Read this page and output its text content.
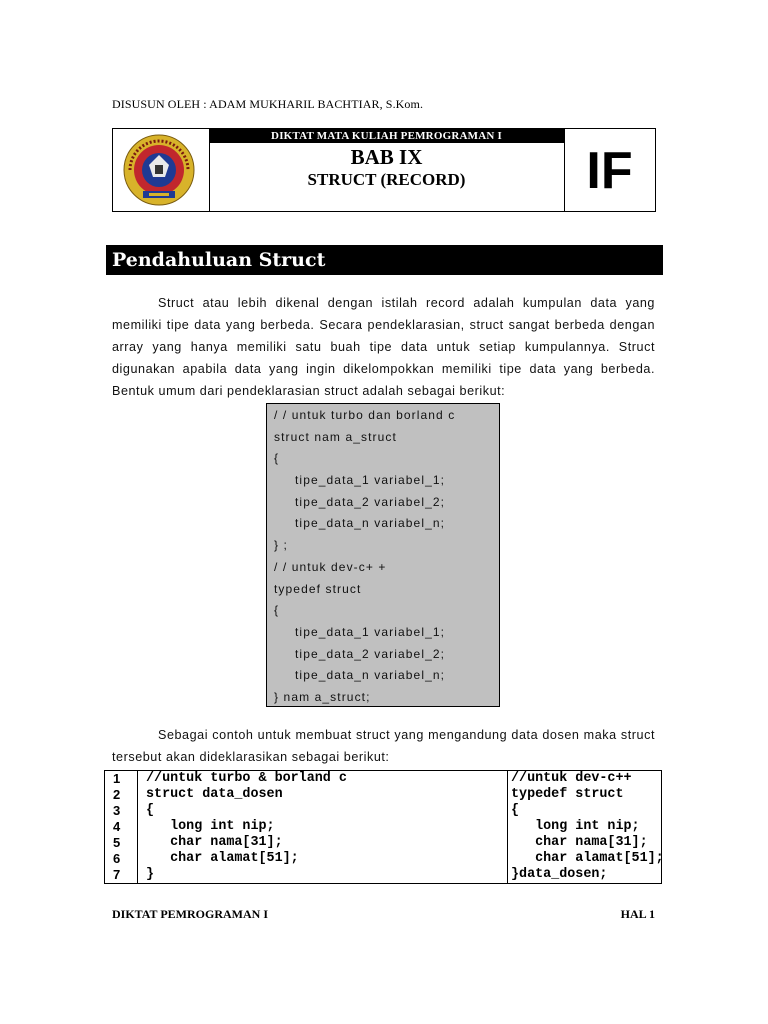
DISUSUN OLEH : ADAM MUKHARIL BACHTIAR, S.Kom.
DIKTAT MATA KULIAH PEMROGRAMAN I
BAB IX
STRUCT (RECORD)	IF
Pendahuluan Struct
Struct atau lebih dikenal dengan istilah record adalah kumpulan data yang memiliki tipe data yang berbeda. Secara pendeklarasian, struct sangat berbeda dengan array yang hanya memiliki satu buah tipe data untuk setiap kumpulannya. Struct digunakan apabila data yang ingin dikelompokkan memiliki tipe data yang berbeda. Bentuk umum dari pendeklarasian struct adalah sebagai berikut:
/ / untuk turbo dan borland c
struct nam a_struct
{
tipe_data_1 variabel_1;
tipe_data_2 variabel_2;
tipe_data_n variabel_n;
} ;
/ / untuk dev-c+ +
typedef struct
{
tipe_data_1 variabel_1;
tipe_data_2 variabel_2;
tipe_data_n variabel_n;
} nam a_struct;
Sebagai contoh untuk membuat struct yang mengandung data dosen maka struct tersebut akan dideklarasikan sebagai berikut:
1
2
3
4
5
6
7
//untuk turbo & borland c
struct data_dosen
{
long int nip;
char nama[31];
char alamat[51];
}
//untuk dev-c++
typedef struct
{
long int nip;
char nama[31];
char alamat[51];
}data_dosen;
DIKTAT PEMROGRAMAN I	HAL 1
